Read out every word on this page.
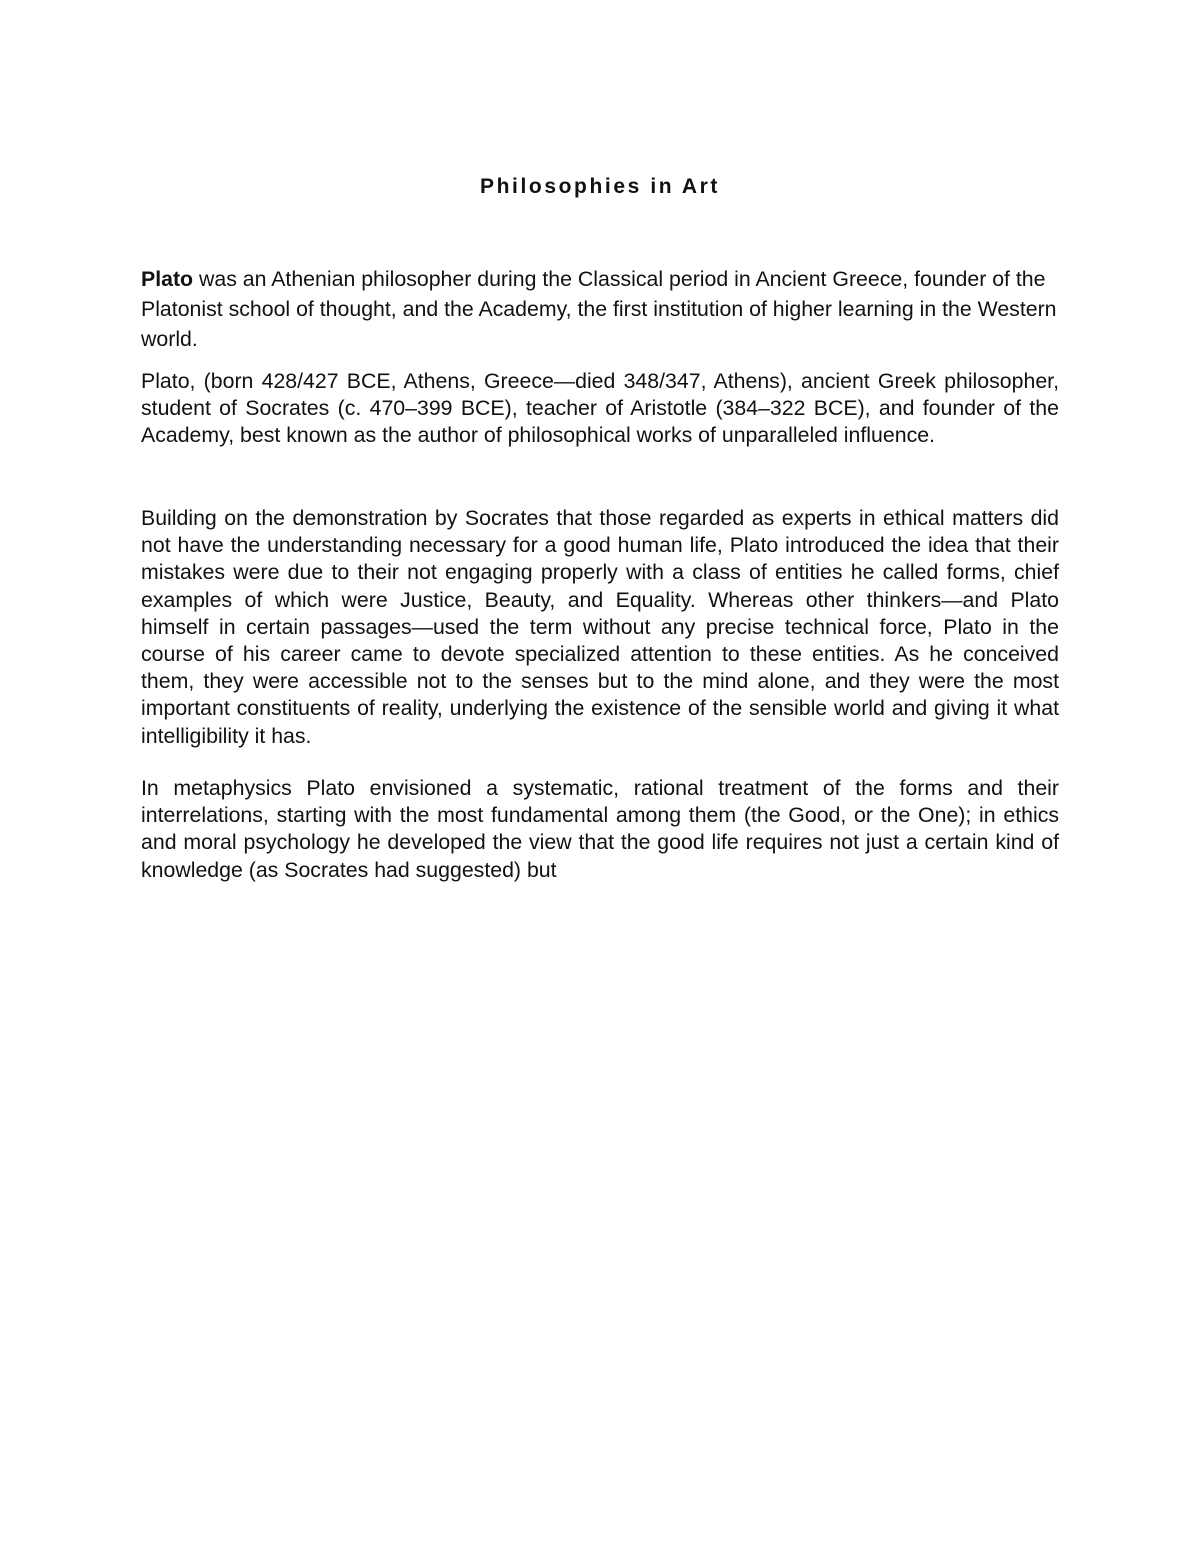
Philosophies in Art

Plato was an Athenian philosopher during the Classical period in Ancient Greece, founder of the Platonist school of thought, and the Academy, the first institution of higher learning in the Western world.

Plato, (born 428/427 BCE, Athens, Greece—died 348/347, Athens), ancient Greek philosopher, student of Socrates (c. 470–399 BCE), teacher of Aristotle (384–322 BCE), and founder of the Academy, best known as the author of philosophical works of unparalleled influence.

Building on the demonstration by Socrates that those regarded as experts in ethical matters did not have the understanding necessary for a good human life, Plato introduced the idea that their mistakes were due to their not engaging properly with a class of entities he called forms, chief examples of which were Justice, Beauty, and Equality. Whereas other thinkers—and Plato himself in certain passages—used the term without any precise technical force, Plato in the course of his career came to devote specialized attention to these entities. As he conceived them, they were accessible not to the senses but to the mind alone, and they were the most important constituents of reality, underlying the existence of the sensible world and giving it what intelligibility it has.

In metaphysics Plato envisioned a systematic, rational treatment of the forms and their interrelations, starting with the most fundamental among them (the Good, or the One); in ethics and moral psychology he developed the view that the good life requires not just a certain kind of knowledge (as Socrates had suggested) but
